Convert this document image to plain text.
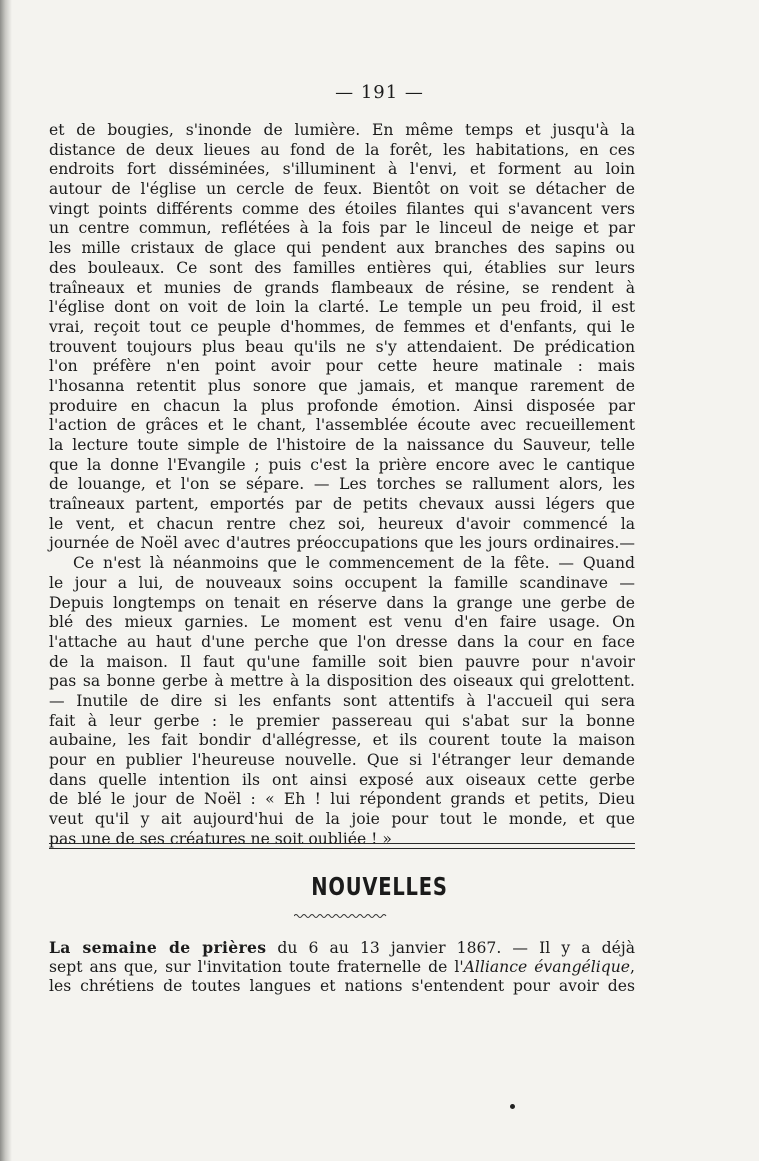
— 191 —
et de bougies, s'inonde de lumière. En même temps et jusqu'à la
distance de deux lieues au fond de la forêt, les habitations, en ces
endroits fort disséminées, s'illuminent à l'envi, et forment au loin
autour de l'église un cercle de feux. Bientôt on voit se détacher de
vingt points différents comme des étoiles filantes qui s'avancent vers
un centre commun, reflétées à la fois par le linceul de neige et par
les mille cristaux de glace qui pendent aux branches des sapins ou
des bouleaux. Ce sont des familles entières qui, établies sur leurs
traîneaux et munies de grands flambeaux de résine, se rendent à
l'église dont on voit de loin la clarté. Le temple un peu froid, il est
vrai, reçoit tout ce peuple d'hommes, de femmes et d'enfants, qui le
trouvent toujours plus beau qu'ils ne s'y attendaient. De prédication
l'on préfère n'en point avoir pour cette heure matinale : mais
l'hosanna retentit plus sonore que jamais, et manque rarement de
produire en chacun la plus profonde émotion. Ainsi disposée par
l'action de grâces et le chant, l'assemblée écoute avec recueillement
la lecture toute simple de l'histoire de la naissance du Sauveur, telle
que la donne l'Evangile ; puis c'est la prière encore avec le cantique
de louange, et l'on se sépare. — Les torches se rallument alors, les
traîneaux partent, emportés par de petits chevaux aussi légers que
le vent, et chacun rentre chez soi, heureux d'avoir commencé la
journée de Noël avec d'autres préoccupations que les jours ordinaires.—
Ce n'est là néanmoins que le commencement de la fête. — Quand
le jour a lui, de nouveaux soins occupent la famille scandinave —
Depuis longtemps on tenait en réserve dans la grange une gerbe de
blé des mieux garnies. Le moment est venu d'en faire usage. On
l'attache au haut d'une perche que l'on dresse dans la cour en face
de la maison. Il faut qu'une famille soit bien pauvre pour n'avoir
pas sa bonne gerbe à mettre à la disposition des oiseaux qui grelottent.
— Inutile de dire si les enfants sont attentifs à l'accueil qui sera
fait à leur gerbe : le premier passereau qui s'abat sur la bonne
aubaine, les fait bondir d'allégresse, et ils courent toute la maison
pour en publier l'heureuse nouvelle. Que si l'étranger leur demande
dans quelle intention ils ont ainsi exposé aux oiseaux cette gerbe
de blé le jour de Noël : « Eh ! lui répondent grands et petits, Dieu
veut qu'il y ait aujourd'hui de la joie pour tout le monde, et que
pas une de ses créatures ne soit oubliée ! »
NOUVELLES
La semaine de prières du 6 au 13 janvier 1867. — Il y a déjà
sept ans que, sur l'invitation toute fraternelle de l'Alliance évangélique,
les chrétiens de toutes langues et nations s'entendent pour avoir des
